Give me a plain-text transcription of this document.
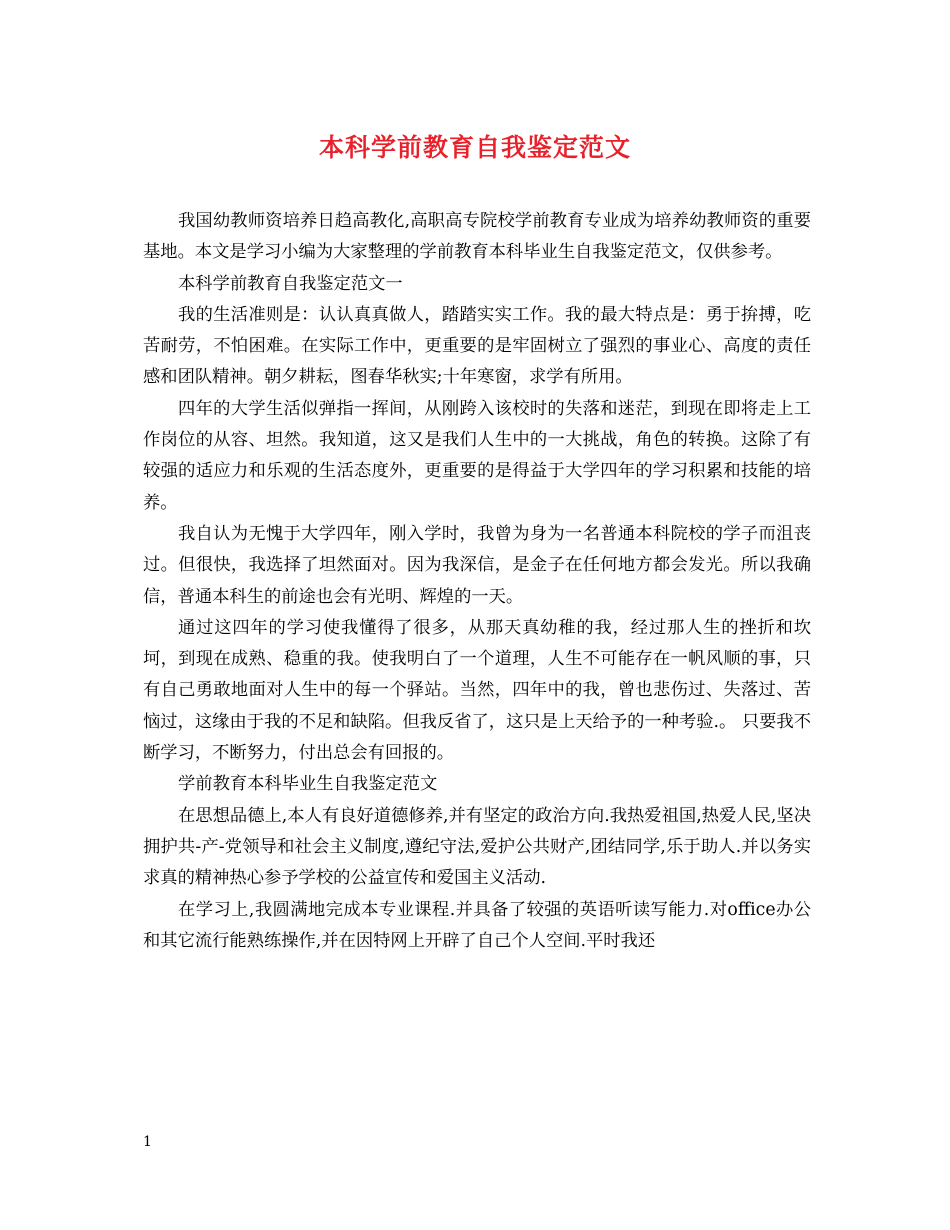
本科学前教育自我鉴定范文

我国幼教师资培养日趋高教化,高职高专院校学前教育专业成为培养幼教师资的重要基地。本文是学习小编为大家整理的学前教育本科毕业生自我鉴定范文，仅供参考。

本科学前教育自我鉴定范文一

我的生活准则是：认认真真做人，踏踏实实工作。我的最大特点是：勇于拚搏，吃苦耐劳，不怕困难。在实际工作中，更重要的是牢固树立了强烈的事业心、高度的责任感和团队精神。朝夕耕耘，图春华秋实;十年寒窗，求学有所用。

四年的大学生活似弹指一挥间，从刚跨入该校时的失落和迷茫，到现在即将走上工作岗位的从容、坦然。我知道，这又是我们人生中的一大挑战，角色的转换。这除了有较强的适应力和乐观的生活态度外，更重要的是得益于大学四年的学习积累和技能的培养。

我自认为无愧于大学四年，刚入学时，我曾为身为一名普通本科院校的学子而沮丧过。但很快，我选择了坦然面对。因为我深信，是金子在任何地方都会发光。所以我确信，普通本科生的前途也会有光明、辉煌的一天。

通过这四年的学习使我懂得了很多，从那天真幼稚的我，经过那人生的挫折和坎坷，到现在成熟、稳重的我。使我明白了一个道理，人生不可能存在一帆风顺的事，只有自己勇敢地面对人生中的每一个驿站。当然，四年中的我，曾也悲伤过、失落过、苦恼过，这缘由于我的不足和缺陷。但我反省了，这只是上天给予的一种考验.。 只要我不断学习，不断努力，付出总会有回报的。

学前教育本科毕业生自我鉴定范文

在思想品德上,本人有良好道德修养,并有坚定的政治方向.我热爱祖国,热爱人民,坚决拥护共-产-党领导和社会主义制度,遵纪守法,爱护公共财产,团结同学,乐于助人.并以务实求真的精神热心参予学校的公益宣传和爱国主义活动.

在学习上,我圆满地完成本专业课程.并具备了较强的英语听读写能力.对office办公和其它流行能熟练操作,并在因特网上开辟了自己个人空间.平时我还

1
